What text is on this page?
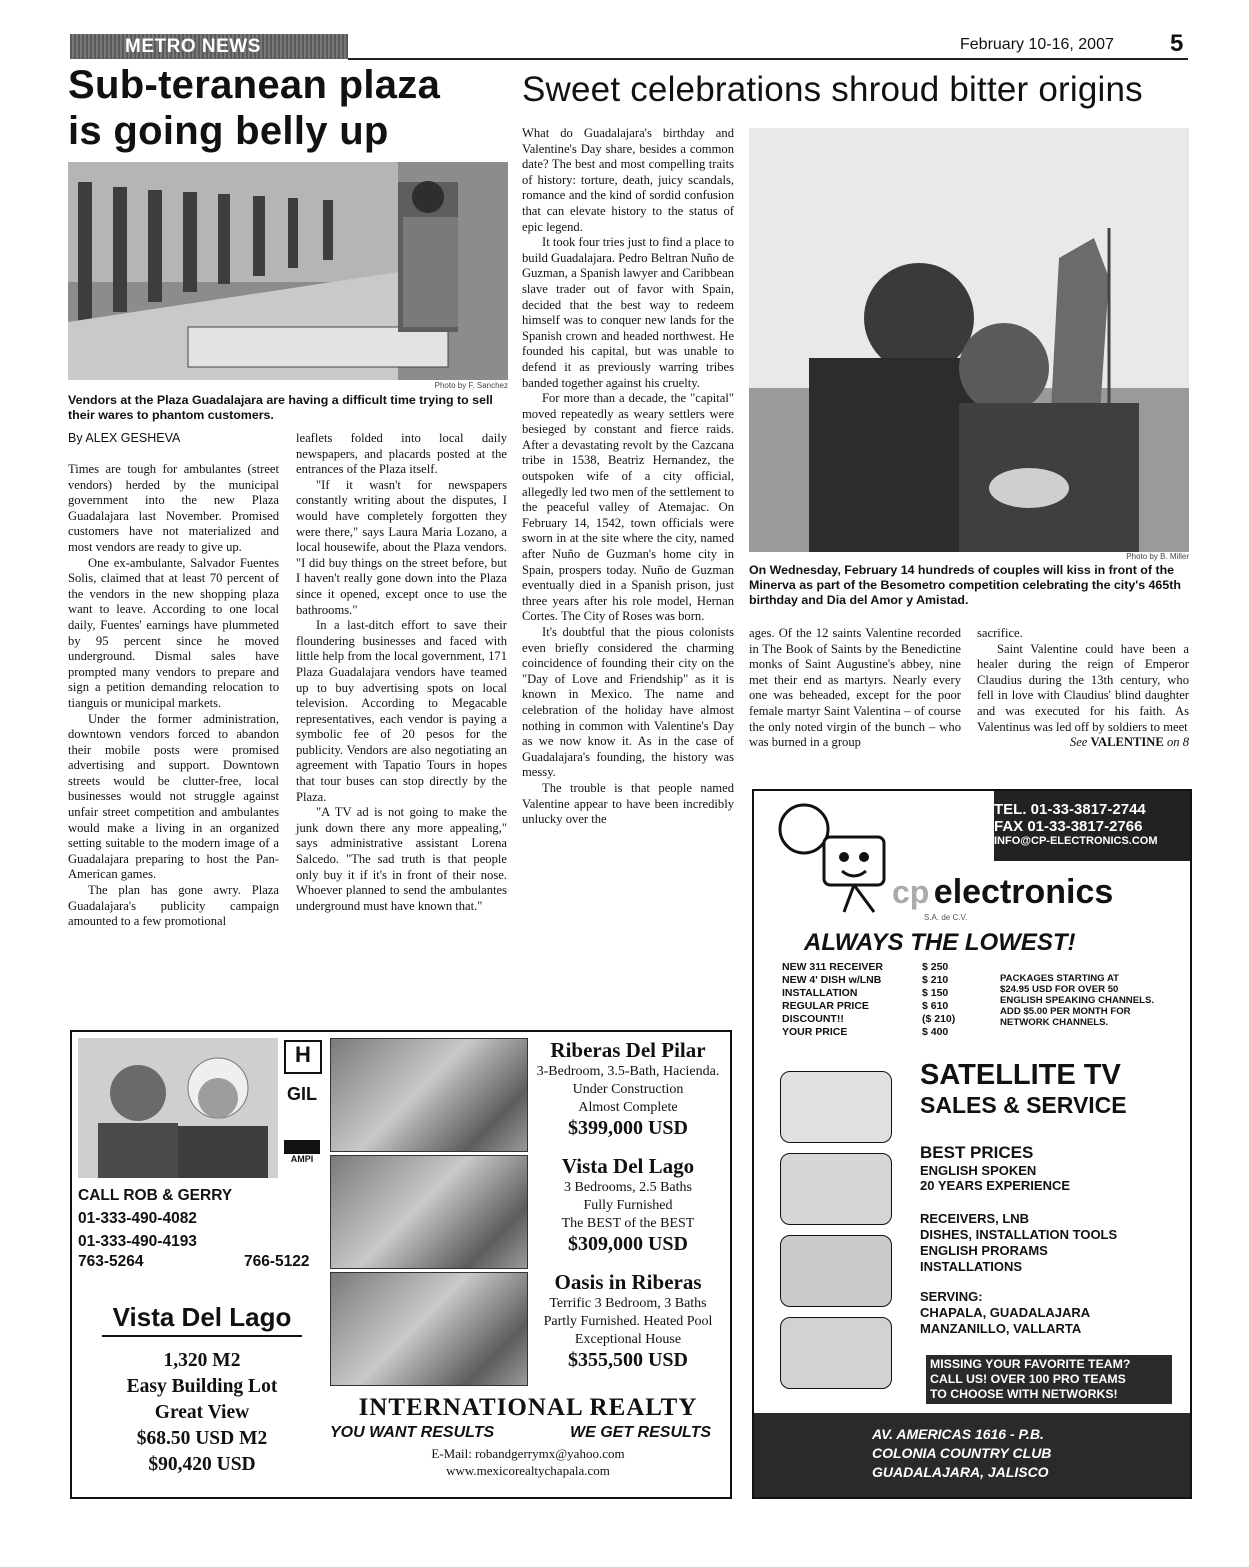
METRO NEWS	February 10-16, 2007 5
Sub-teranean plaza
is going belly up
Photo by F. Sanchez
Vendors at the Plaza Guadalajara are having a difficult time trying to sell their wares to phantom customers.
By ALEX GESHEVA

Times are tough for ambulantes (street vendors) herded by the municipal government into the new Plaza Guadalajara last November. Promised customers have not materialized and most vendors are ready to give up.

One ex-ambulante, Salvador Fuentes Solis, claimed that at least 70 percent of the vendors in the new shopping plaza want to leave. According to one local daily, Fuentes' earnings have plummeted by 95 percent since he moved underground. Dismal sales have prompted many vendors to prepare and sign a petition demanding relocation to tianguis or municipal markets.

Under the former administration, downtown vendors forced to abandon their mobile posts were promised advertising and support. Downtown streets would be clutter-free, local businesses would not struggle against unfair street competition and ambulantes would make a living in an organized setting suitable to the modern image of a Guadalajara preparing to host the Pan-American games.

The plan has gone awry. Plaza Guadalajara's publicity campaign amounted to a few promotional

leaflets folded into local daily newspapers, and placards posted at the entrances of the Plaza itself.

"If it wasn't for newspapers constantly writing about the disputes, I would have completely forgotten they were there," says Laura Maria Lozano, a local housewife, about the Plaza vendors. "I did buy things on the street before, but I haven't really gone down into the Plaza since it opened, except once to use the bathrooms."

In a last-ditch effort to save their floundering businesses and faced with little help from the local government, 171 Plaza Guadalajara vendors have teamed up to buy advertising spots on local television. According to Megacable representatives, each vendor is paying a symbolic fee of 20 pesos for the publicity. Vendors are also negotiating an agreement with Tapatio Tours in hopes that tour buses can stop directly by the Plaza.

"A TV ad is not going to make the junk down there any more appealing," says administrative assistant Lorena Salcedo. "The sad truth is that people only buy it if it's in front of their nose. Whoever planned to send the ambulantes underground must have known that."

Sweet celebrations shroud bitter origins

What do Guadalajara's birthday and Valentine's Day share, besides a common date? The best and most compelling traits of history: torture, death, juicy scandals, romance and the kind of sordid confusion that can elevate history to the status of epic legend.

It took four tries just to find a place to build Guadalajara. Pedro Beltran Nuño de Guzman, a Spanish lawyer and Caribbean slave trader out of favor with Spain, decided that the best way to redeem himself was to conquer new lands for the Spanish crown and headed northwest. He founded his capital, but was unable to defend it as previously warring tribes banded together against his cruelty.

For more than a decade, the "capital" moved repeatedly as weary settlers were besieged by constant and fierce raids. After a devastating revolt by the Cazcana tribe in 1538, Beatriz Hernandez, the outspoken wife of a city official, allegedly led two men of the settlement to the peaceful valley of Atemajac. On February 14, 1542, town officials were sworn in at the site where the city, named after Nuño de Guzman's home city in Spain, prospers today. Nuño de Guzman eventually died in a Spanish prison, just three years after his role model, Hernan Cortes. The City of Roses was born.

It's doubtful that the pious colonists even briefly considered the charming coincidence of founding their city on the "Day of Love and Friendship" as it is known in Mexico. The name and celebration of the holiday have almost nothing in common with Valentine's Day as we now know it. As in the case of Guadalajara's founding, the history was messy.

The trouble is that people named Valentine appear to have been incredibly unlucky over the

Photo by B. Miller
On Wednesday, February 14 hundreds of couples will kiss in front of the Minerva as part of the Besometro competition celebrating the city's 465th birthday and Dia del Amor y Amistad.

ages. Of the 12 saints Valentine recorded in The Book of Saints by the Benedictine monks of Saint Augustine's abbey, nine met their end as martyrs. Nearly every one was beheaded, except for the poor female martyr Saint Valentina – of course the only noted virgin of the bunch – who was burned in a group

sacrifice.

Saint Valentine could have been a healer during the reign of Emperor Claudius during the 13th century, who fell in love with Claudius' blind daughter and was executed for his faith. As Valentinus was led off by soldiers to meet

See VALENTINE on 8
H
GIL
AMPI
CALL ROB & GERRY
01-333-490-4082
01-333-490-4193
763-5264	766-5122
Vista Del Lago
1,320 M2
Easy Building Lot
Great View
$68.50 USD M2
$90,420 USD
Riberas Del Pilar
3-Bedroom, 3.5-Bath, Hacienda.
Under Construction
Almost Complete
$399,000 USD
Vista Del Lago
3 Bedrooms, 2.5 Baths
Fully Furnished
The BEST of the BEST
$309,000 USD
Oasis in Riberas
Terrific 3 Bedroom, 3 Baths
Partly Furnished. Heated Pool
Exceptional House
$355,500 USD
INTERNATIONAL REALTY
YOU WANT RESULTS	WE GET RESULTS
E-Mail: robandgerrymx@yahoo.com
www.mexicorealtychapala.com
TEL. 01-33-3817-2744
FAX 01-33-3817-2766
INFO@CP-ELECTRONICS.COM
cp electronics
S.A. de C.V.
ALWAYS THE LOWEST!
NEW 311 RECEIVER	$ 250
NEW 4' DISH w/LNB	$ 210
INSTALLATION	$ 150
REGULAR PRICE	$ 610
DISCOUNT!!	($ 210)
YOUR PRICE	$ 400
PACKAGES STARTING AT
$24.95 USD FOR OVER 50
ENGLISH SPEAKING CHANNELS.
ADD $5.00 PER MONTH FOR
NETWORK CHANNELS.
SATELLITE TV
SALES & SERVICE
BEST PRICES
ENGLISH SPOKEN
20 YEARS EXPERIENCE
RECEIVERS, LNB
DISHES, INSTALLATION TOOLS
ENGLISH PRORAMS
INSTALLATIONS
SERVING:
CHAPALA, GUADALAJARA
MANZANILLO, VALLARTA
MISSING YOUR FAVORITE TEAM?
CALL US! OVER 100 PRO TEAMS
TO CHOOSE WITH NETWORKS!
AV. AMERICAS 1616 - P.B.
COLONIA COUNTRY CLUB
GUADALAJARA, JALISCO
